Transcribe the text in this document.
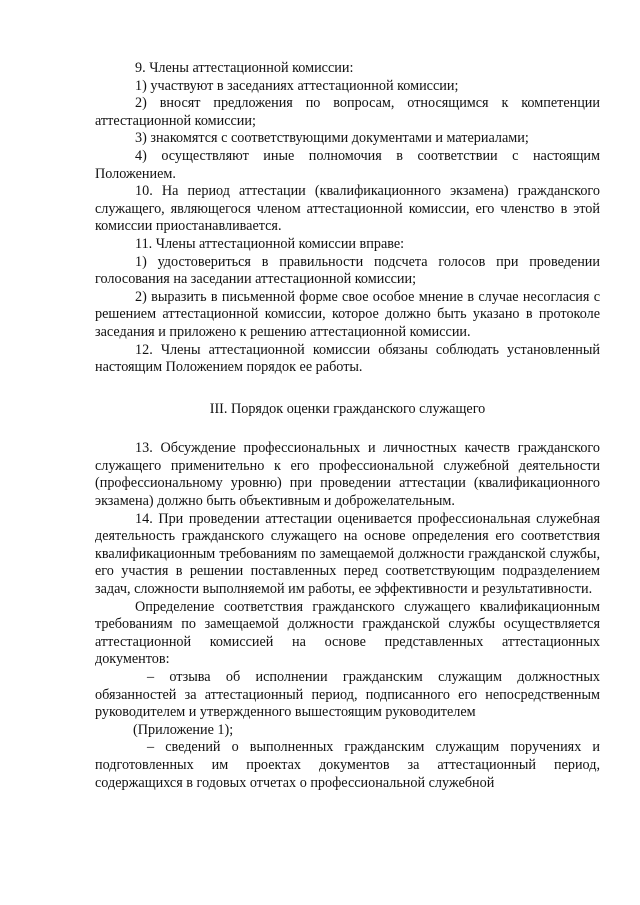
9. Члены аттестационной комиссии:

1) участвуют в заседаниях аттестационной комиссии;

2) вносят предложения по вопросам, относящимся к компетенции аттестационной комиссии;

3) знакомятся с соответствующими документами и материалами;

4) осуществляют иные полномочия в соответствии с настоящим Положением.

10. На период аттестации (квалификационного экзамена) гражданского служащего, являющегося членом аттестационной комиссии, его членство в этой комиссии приостанавливается.

11. Члены аттестационной комиссии вправе:

1) удостовериться в правильности подсчета голосов при проведении голосования на заседании аттестационной комиссии;

2) выразить в письменной форме свое особое мнение в случае несогласия с решением аттестационной комиссии, которое должно быть указано в протоколе заседания и приложено к решению аттестационной комиссии.

12. Члены аттестационной комиссии обязаны соблюдать установленный настоящим Положением порядок ее работы.

III. Порядок оценки гражданского служащего

13. Обсуждение профессиональных и личностных качеств гражданского служащего применительно к его профессиональной служебной деятельности (профессиональному уровню) при проведении аттестации (квалификационного экзамена) должно быть объективным и доброжелательным.

14. При проведении аттестации оценивается профессиональная служебная деятельность гражданского служащего на основе определения его соответствия квалификационным требованиям по замещаемой должности гражданской службы, его участия в решении поставленных перед соответствующим подразделением задач, сложности выполняемой им работы, ее эффективности и результативности.

Определение соответствия гражданского служащего квалификационным требованиям по замещаемой должности гражданской службы осуществляется аттестационной комиссией на основе представленных аттестационных документов:

– отзыва об исполнении гражданским служащим должностных обязанностей за аттестационный период, подписанного его непосредственным руководителем и утвержденного вышестоящим руководителем

(Приложение 1);

– сведений о выполненных гражданским служащим поручениях и подготовленных им проектах документов за аттестационный период, содержащихся в годовых отчетах о профессиональной служебной
